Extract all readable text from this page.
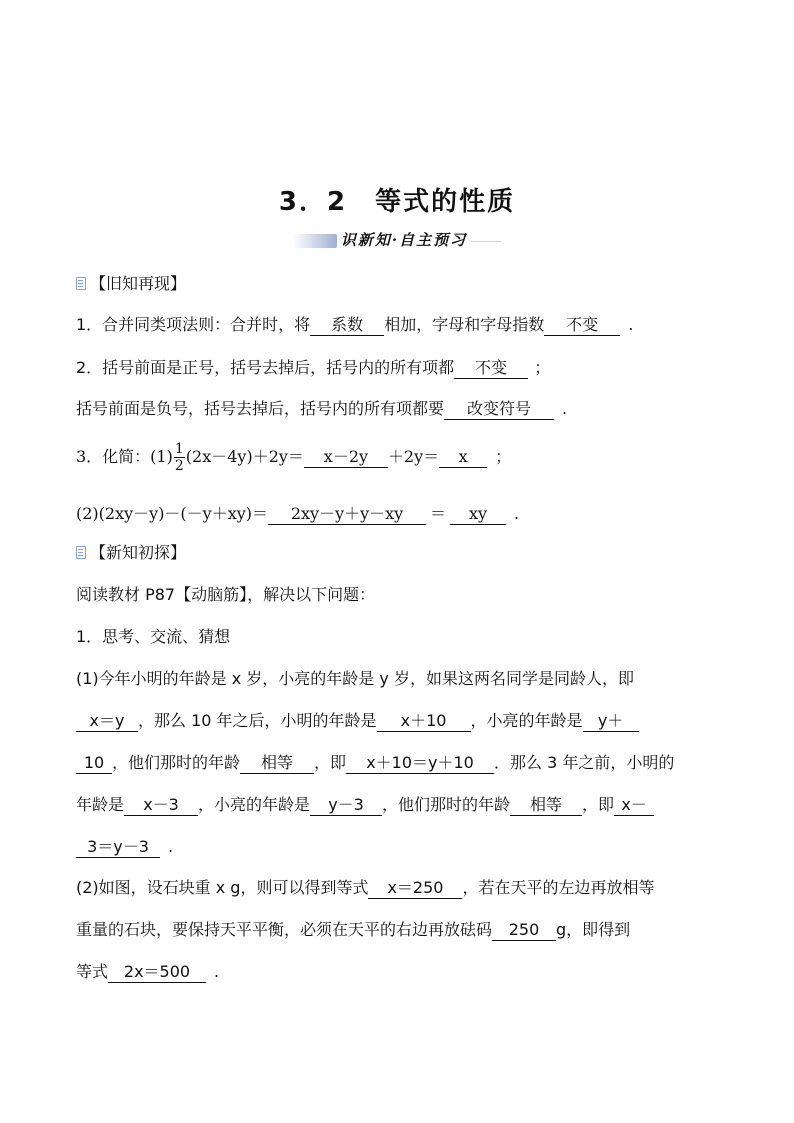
3．2　等式的性质
识新知·自主预习
【旧知再现】
1．合并同类项法则：合并时，将 系数 相加，字母和字母指数 不变 .
2．括号前面是正号，括号去掉后，括号内的所有项都 不变 ；
括号前面是负号，括号去掉后，括号内的所有项都要 改变符号 .
3．化简：$(1) \frac{1}{2} (2x-4y)+2y= x-2y +2y= x$ ；
(2)(2xy－y)－(－y＋xy)＝ 2xy－y＋y－xy ＝ xy .
【新知初探】
阅读教材 P87【动脑筋】，解决以下问题：
1．思考、交流、猜想
(1)今年小明的年龄是 x 岁，小亮的年龄是 y 岁，如果这两名同学是同龄人，即
x＝y ，那么 10 年之后，小明的年龄是 x＋10 ，小亮的年龄是 y＋
10 ，他们那时的年龄 相等 ，即 x＋10＝y＋10 ．那么 3 年之前，小明的
年龄是 x－3 ，小亮的年龄是 y－3 ，他们那时的年龄 相等 ，即 x－
3＝y－3 .
(2)如图，设石块重 x g，则可以得到等式 x＝250 ，若在天平的左边再放相等
重量的石块，要保持天平平衡，必须在天平的右边再放砝码 250 g，即得到
等式 2x＝500 .
